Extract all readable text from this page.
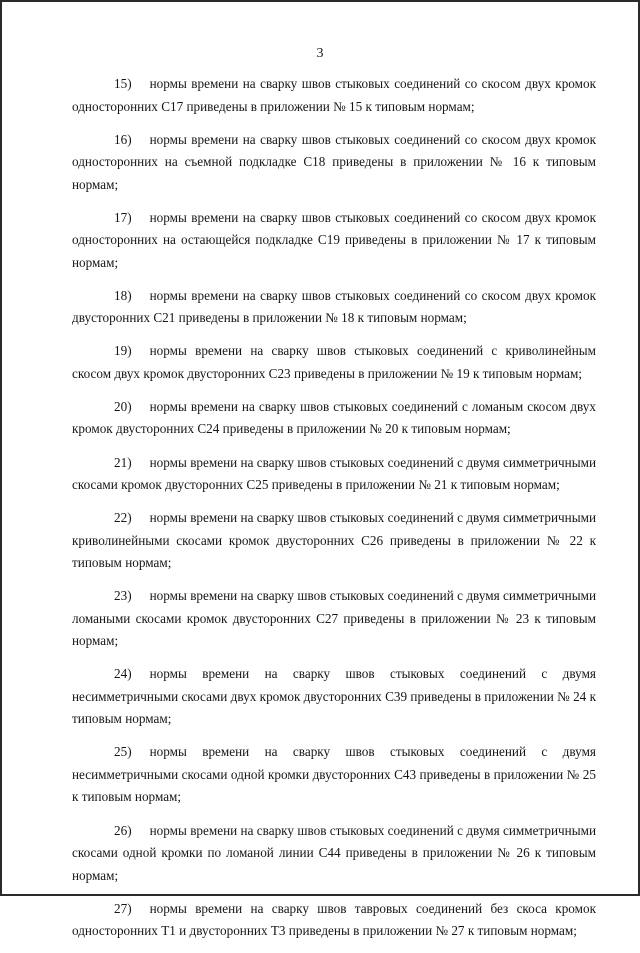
3

15) нормы времени на сварку швов стыковых соединений со скосом двух кромок односторонних С17 приведены в приложении № 15 к типовым нормам;

16) нормы времени на сварку швов стыковых соединений со скосом двух кромок односторонних на съемной подкладке С18 приведены в приложении № 16 к типовым нормам;

17) нормы времени на сварку швов стыковых соединений со скосом двух кромок односторонних на остающейся подкладке С19 приведены в приложении № 17 к типовым нормам;

18) нормы времени на сварку швов стыковых соединений со скосом двух кромок двусторонних С21 приведены в приложении № 18 к типовым нормам;

19) нормы времени на сварку швов стыковых соединений с криволинейным скосом двух кромок двусторонних С23 приведены в приложении № 19 к типовым нормам;

20) нормы времени на сварку швов стыковых соединений с ломаным скосом двух кромок двусторонних С24 приведены в приложении № 20 к типовым нормам;

21) нормы времени на сварку швов стыковых соединений с двумя симметричными скосами кромок двусторонних С25 приведены в приложении № 21 к типовым нормам;

22) нормы времени на сварку швов стыковых соединений с двумя симметричными криволинейными скосами кромок двусторонних С26 приведены в приложении № 22 к типовым нормам;

23) нормы времени на сварку швов стыковых соединений с двумя симметричными ломаными скосами кромок двусторонних С27 приведены в приложении № 23 к типовым нормам;

24) нормы времени на сварку швов стыковых соединений с двумя несимметричными скосами двух кромок двусторонних С39 приведены в приложении № 24 к типовым нормам;

25) нормы времени на сварку швов стыковых соединений с двумя несимметричными скосами одной кромки двусторонних С43 приведены в приложении № 25 к типовым нормам;

26) нормы времени на сварку швов стыковых соединений с двумя симметричными скосами одной кромки по ломаной линии С44 приведены в приложении № 26 к типовым нормам;

27) нормы времени на сварку швов тавровых соединений без скоса кромок односторонних Т1 и двусторонних Т3 приведены в приложении № 27 к типовым нормам;
